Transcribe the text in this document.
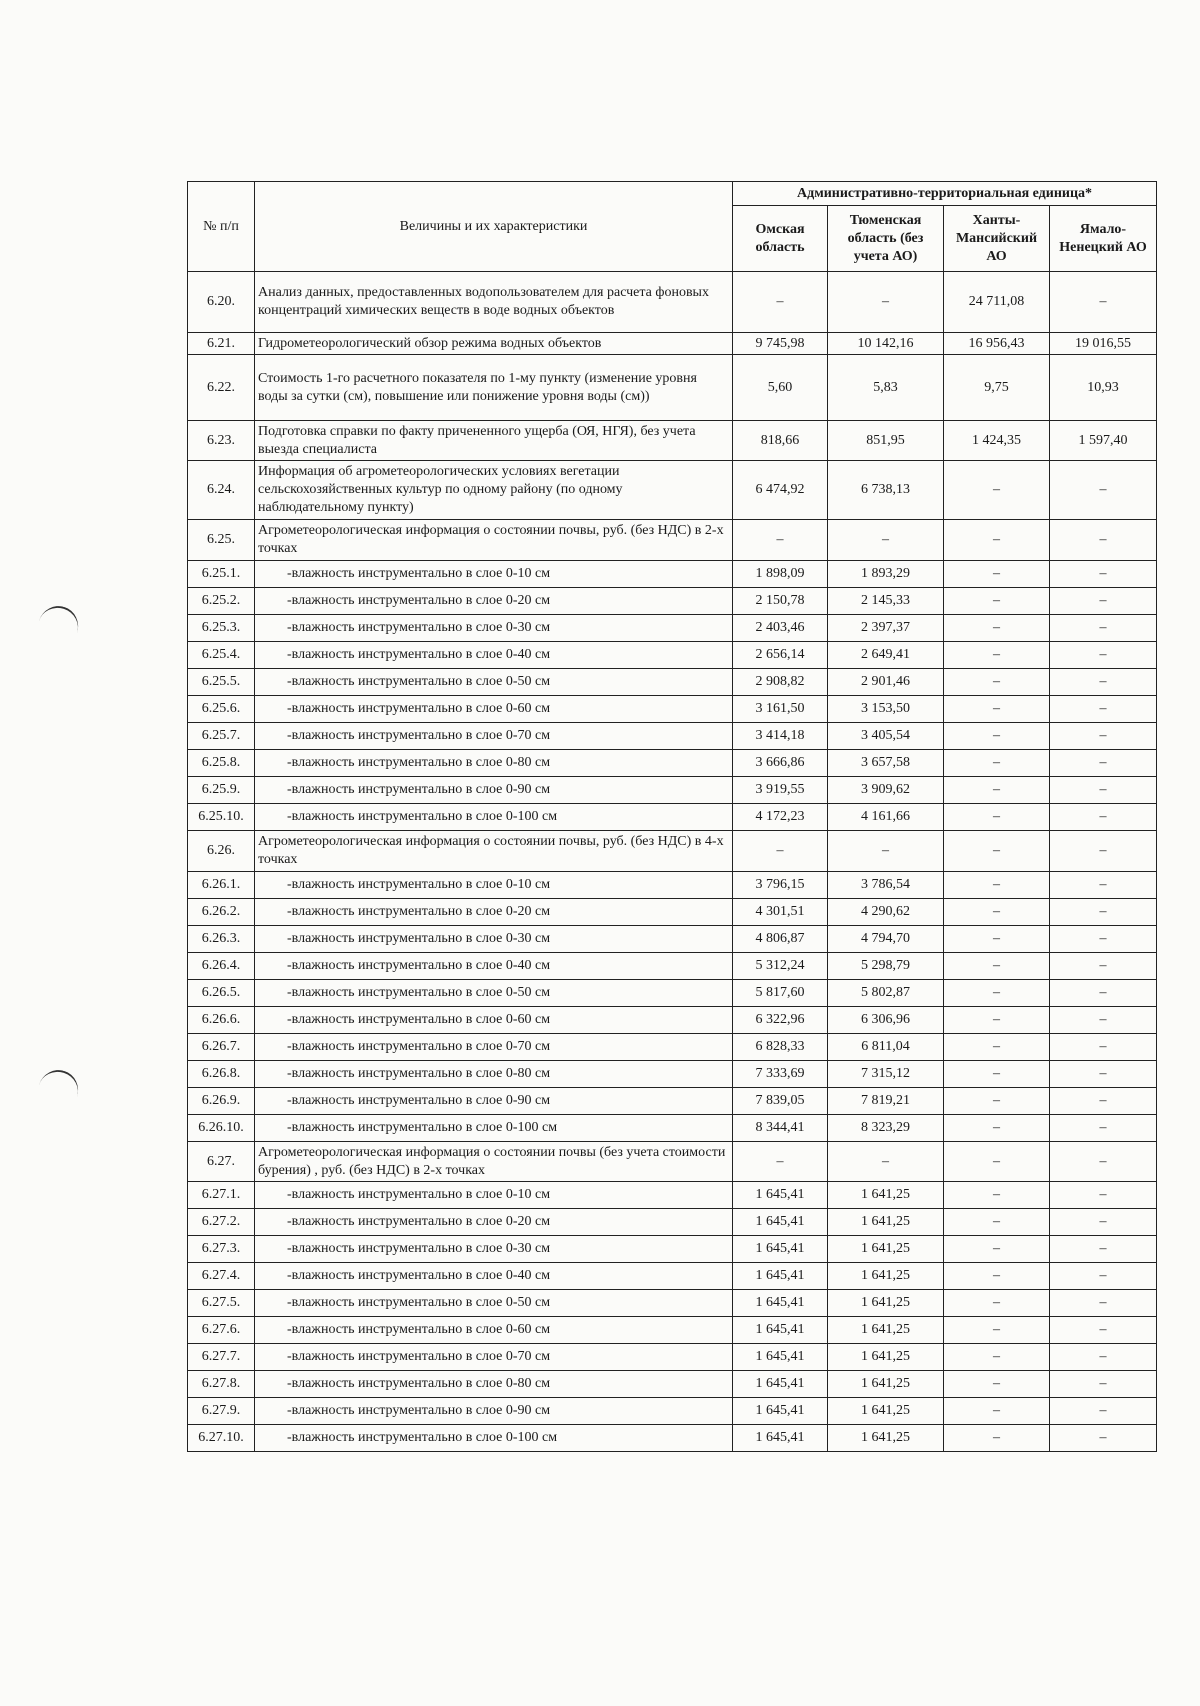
№ п/п	Величины и их характеристики	Административно-территориальная единица*			
		Омская область	Тюменская область (без учета АО)	Ханты-Мансийский АО	Ямало-Ненецкий АО
6.20.	Анализ данных, предоставленных водопользователем для расчета фоновых концентраций химических веществ в воде водных объектов	–	–	24 711,08	–
6.21.	Гидрометеорологический обзор режима водных объектов	9 745,98	10 142,16	16 956,43	19 016,55
6.22.	Стоимость 1-го расчетного показателя по 1-му пункту (изменение уровня воды за сутки (см), повышение или понижение уровня воды (см))	5,60	5,83	9,75	10,93
6.23.	Подготовка справки по факту причененного ущерба (ОЯ, НГЯ), без учета выезда специалиста	818,66	851,95	1 424,35	1 597,40
6.24.	Информация об агрометеорологических условиях вегетации сельскохозяйственных культур по одному району (по одному наблюдательному пункту)	6 474,92	6 738,13	–	–
6.25.	Агрометеорологическая информация о состоянии почвы, руб. (без НДС) в 2-х точках	–	–	–	–
6.25.1.	-влажность инструментально в слое 0-10 см	1 898,09	1 893,29	–	–
6.25.2.	-влажность инструментально в слое 0-20 см	2 150,78	2 145,33	–	–
6.25.3.	-влажность инструментально в слое 0-30 см	2 403,46	2 397,37	–	–
6.25.4.	-влажность инструментально в слое 0-40 см	2 656,14	2 649,41	–	–
6.25.5.	-влажность инструментально в слое 0-50 см	2 908,82	2 901,46	–	–
6.25.6.	-влажность инструментально в слое 0-60 см	3 161,50	3 153,50	–	–
6.25.7.	-влажность инструментально в слое 0-70 см	3 414,18	3 405,54	–	–
6.25.8.	-влажность инструментально в слое 0-80 см	3 666,86	3 657,58	–	–
6.25.9.	-влажность инструментально в слое 0-90 см	3 919,55	3 909,62	–	–
6.25.10.	-влажность инструментально в слое 0-100 см	4 172,23	4 161,66	–	–
6.26.	Агрометеорологическая информация о состоянии почвы, руб. (без НДС) в 4-х точках	–	–	–	–
6.26.1.	-влажность инструментально в слое 0-10 см	3 796,15	3 786,54	–	–
6.26.2.	-влажность инструментально в слое 0-20 см	4 301,51	4 290,62	–	–
6.26.3.	-влажность инструментально в слое 0-30 см	4 806,87	4 794,70	–	–
6.26.4.	-влажность инструментально в слое 0-40 см	5 312,24	5 298,79	–	–
6.26.5.	-влажность инструментально в слое 0-50 см	5 817,60	5 802,87	–	–
6.26.6.	-влажность инструментально в слое 0-60 см	6 322,96	6 306,96	–	–
6.26.7.	-влажность инструментально в слое 0-70 см	6 828,33	6 811,04	–	–
6.26.8.	-влажность инструментально в слое 0-80 см	7 333,69	7 315,12	–	–
6.26.9.	-влажность инструментально в слое 0-90 см	7 839,05	7 819,21	–	–
6.26.10.	-влажность инструментально в слое 0-100 см	8 344,41	8 323,29	–	–
6.27.	Агрометеорологическая информация о состоянии почвы (без учета стоимости бурения) , руб. (без НДС) в 2-х точках	–	–	–	–
6.27.1.	-влажность инструментально в слое 0-10 см	1 645,41	1 641,25	–	–
6.27.2.	-влажность инструментально в слое 0-20 см	1 645,41	1 641,25	–	–
6.27.3.	-влажность инструментально в слое 0-30 см	1 645,41	1 641,25	–	–
6.27.4.	-влажность инструментально в слое 0-40 см	1 645,41	1 641,25	–	–
6.27.5.	-влажность инструментально в слое 0-50 см	1 645,41	1 641,25	–	–
6.27.6.	-влажность инструментально в слое 0-60 см	1 645,41	1 641,25	–	–
6.27.7.	-влажность инструментально в слое 0-70 см	1 645,41	1 641,25	–	–
6.27.8.	-влажность инструментально в слое 0-80 см	1 645,41	1 641,25	–	–
6.27.9.	-влажность инструментально в слое 0-90 см	1 645,41	1 641,25	–	–
6.27.10.	-влажность инструментально в слое 0-100 см	1 645,41	1 641,25	–	–
